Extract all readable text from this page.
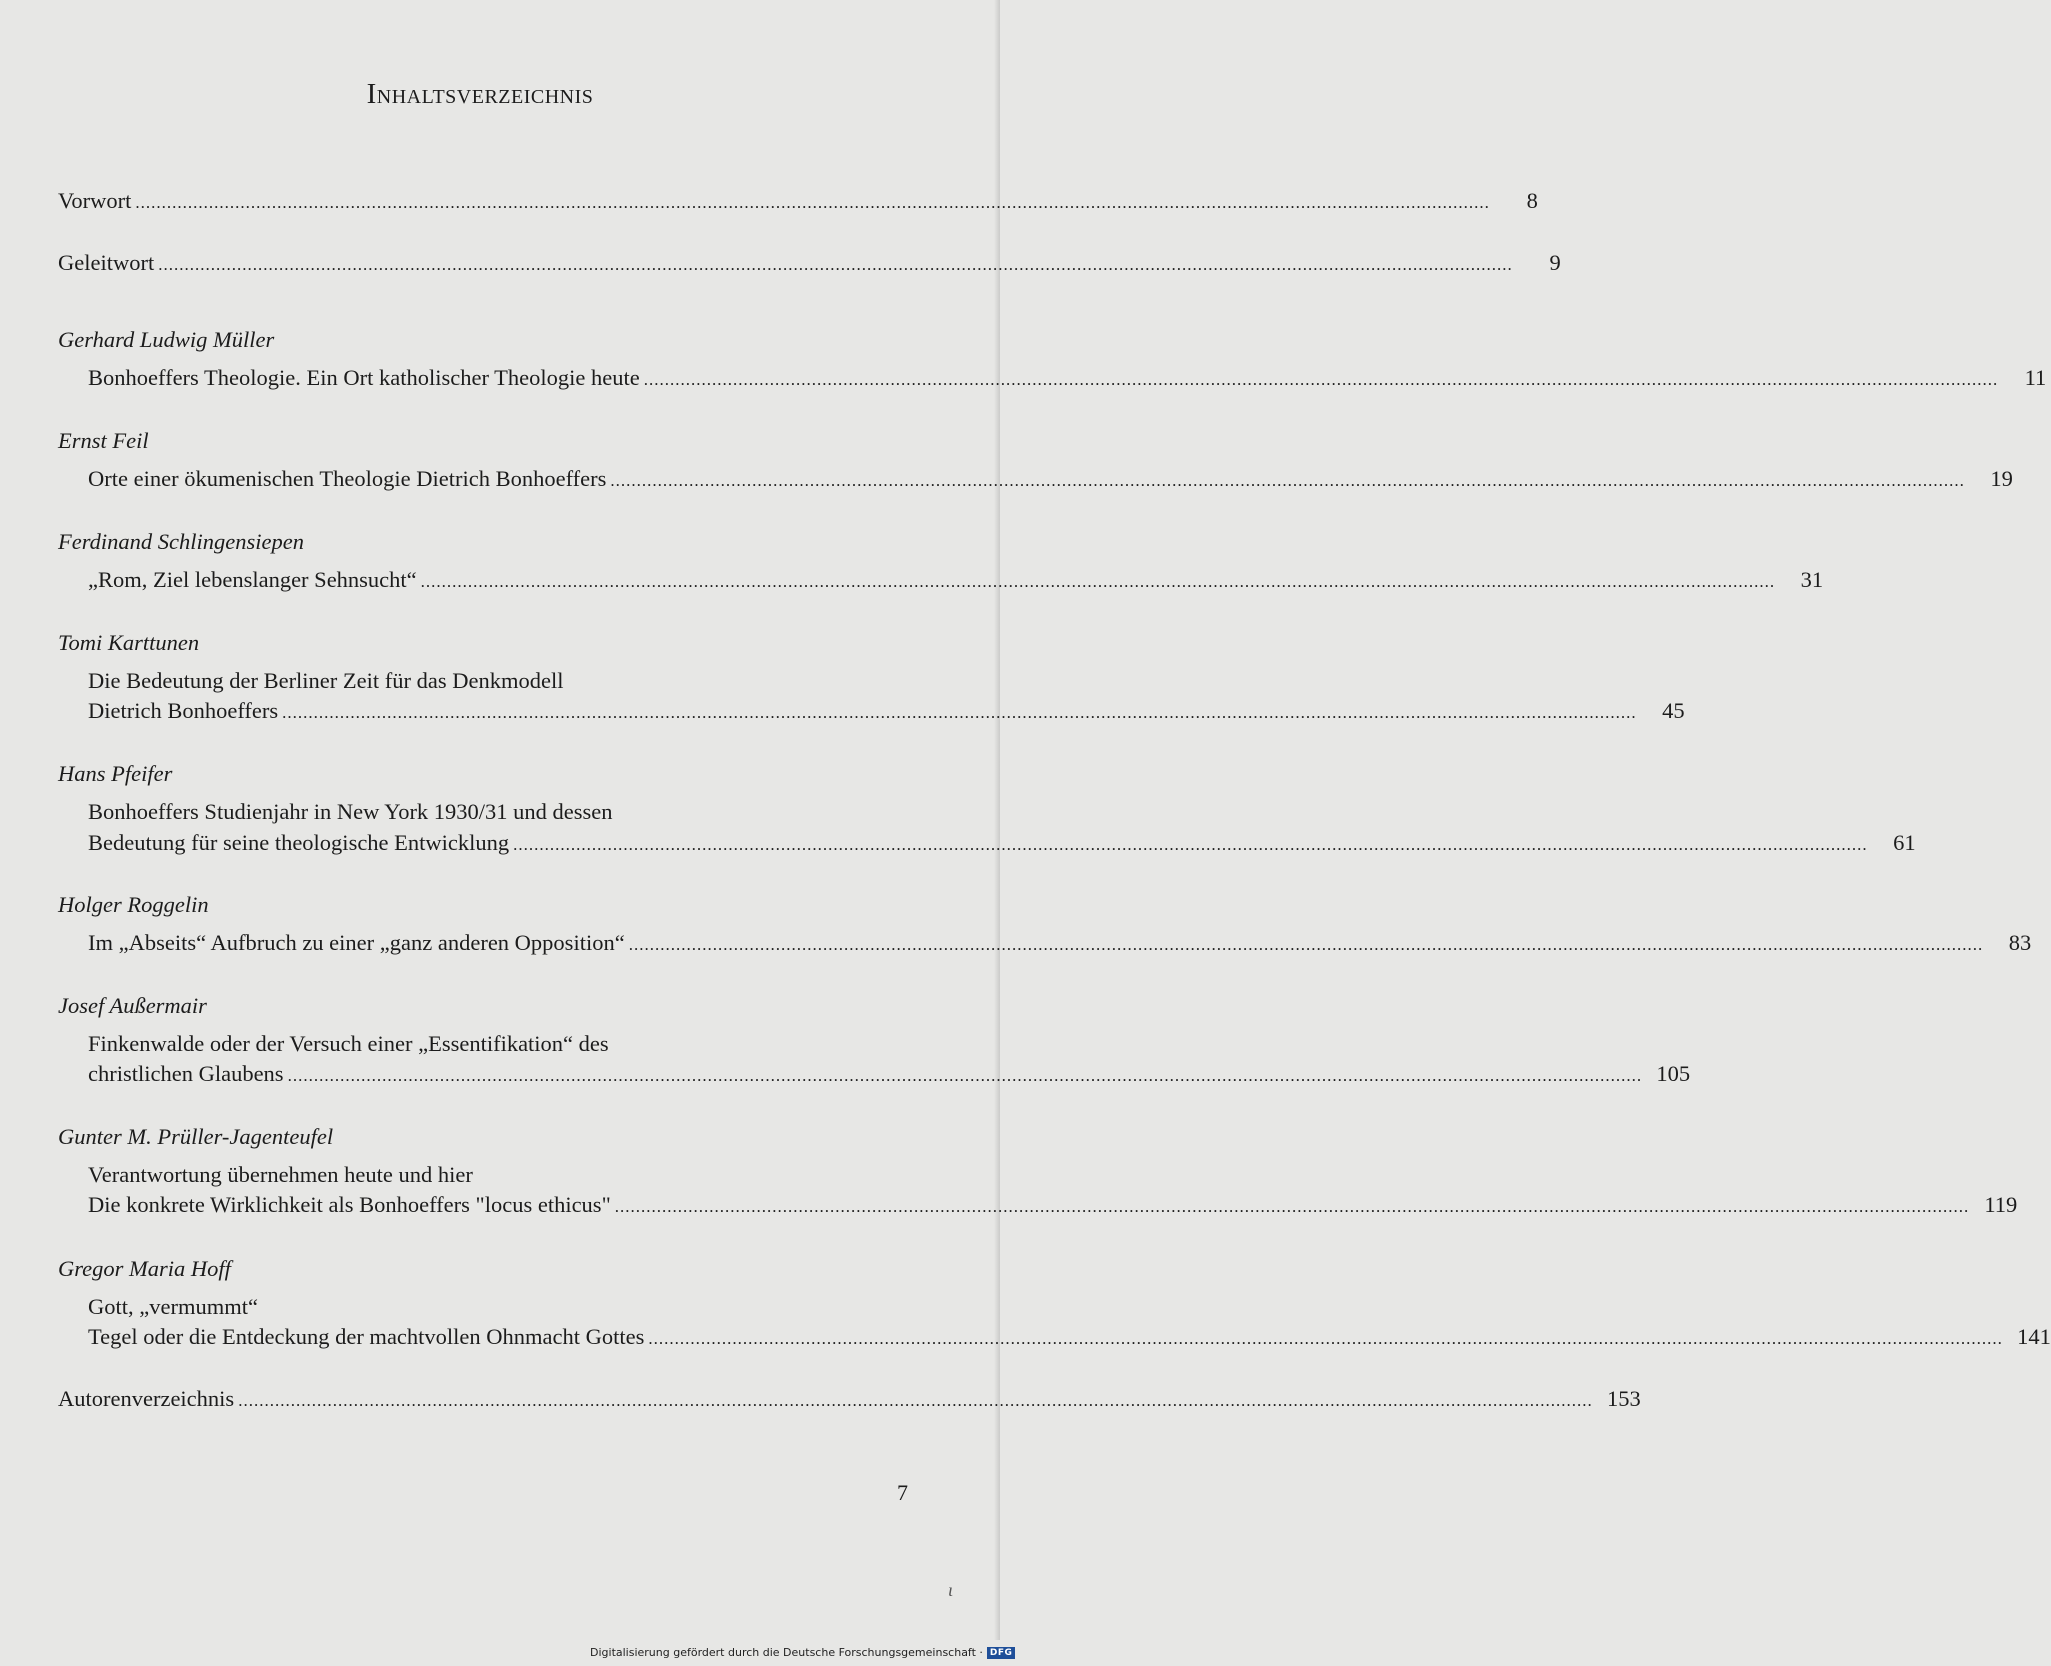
Inhaltsverzeichnis
Vorwort .....	8
Geleitwort .....	9
Gerhard Ludwig Müller
Bonhoeffers Theologie. Ein Ort katholischer Theologie heute .....	11
Ernst Feil
Orte einer ökumenischen Theologie Dietrich Bonhoeffers .....	19
Ferdinand Schlingensiepen
„Rom, Ziel lebenslanger Sehnsucht“ .....	31
Tomi Karttunen
Die Bedeutung der Berliner Zeit für das Denkmodell
Dietrich Bonhoeffers .....	45
Hans Pfeifer
Bonhoeffers Studienjahr in New York 1930/31 und dessen
Bedeutung für seine theologische Entwicklung .....	61
Holger Roggelin
Im „Abseits“ Aufbruch zu einer „ganz anderen Opposition“ .....	83
Josef Außermair
Finkenwalde oder der Versuch einer „Essentifikation“ des
christlichen Glaubens .....	105
Gunter M. Prüller-Jagenteufel
Verantwortung übernehmen heute und hier
Die konkrete Wirklichkeit als Bonhoeffers "locus ethicus" .....	119
Gregor Maria Hoff
Gott, „vermummt“
Tegel oder die Entdeckung der machtvollen Ohnmacht Gottes .....	141
Autorenverzeichnis .....	153
7
ɩ
Digitalisierung gefördert durch die Deutsche Forschungsgemeinschaft · DFG
